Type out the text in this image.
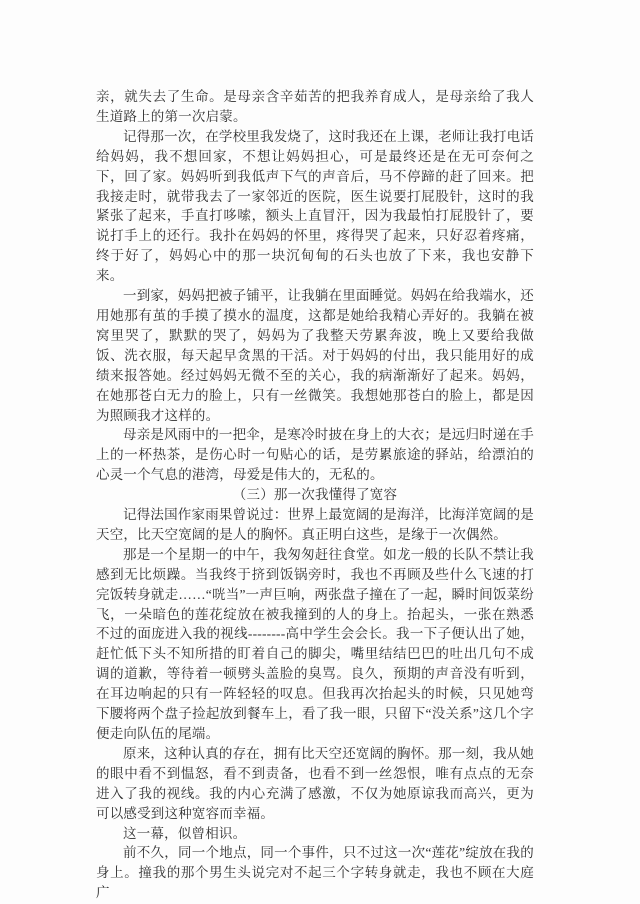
亲，就失去了生命。是母亲含辛茹苦的把我养育成人，是母亲给了我人生道路上的第一次启蒙。

记得那一次，在学校里我发烧了，这时我还在上课，老师让我打电话给妈妈，我不想回家，不想让妈妈担心，可是最终还是在无可奈何之下，回了家。妈妈听到我低声下气的声音后，马不停蹄的赶了回来。把我接走时，就带我去了一家邻近的医院，医生说要打屁股针，这时的我紧张了起来，手直打哆嗦，额头上直冒汗，因为我最怕打屁股针了，要说打手上的还行。我扑在妈妈的怀里，疼得哭了起来，只好忍着疼痛，终于好了，妈妈心中的那一块沉甸甸的石头也放了下来，我也安静下来。

一到家，妈妈把被子铺平，让我躺在里面睡觉。妈妈在给我端水，还用她那有茧的手摸了摸水的温度，这都是她给我精心弄好的。我躺在被窝里哭了，默默的哭了，妈妈为了我整天劳累奔波，晚上又要给我做饭、洗衣服，每天起早贪黑的干活。对于妈妈的付出，我只能用好的成绩来报答她。经过妈妈无微不至的关心，我的病渐渐好了起来。妈妈，在她那苍白无力的脸上，只有一丝微笑。我想她那苍白的脸上，都是因为照顾我才这样的。

母亲是风雨中的一把伞，是寒冷时披在身上的大衣；是远归时递在手上的一杯热茶，是伤心时一句贴心的话，是劳累旅途的驿站，给漂泊的心灵一个气息的港湾，母爱是伟大的，无私的。

（三）那一次我懂得了宽容

记得法国作家雨果曾说过：世界上最宽阔的是海洋，比海洋宽阔的是天空，比天空宽阔的是人的胸怀。真正明白这些，是缘于一次偶然。

那是一个星期一的中午，我匆匆赶往食堂。如龙一般的长队不禁让我感到无比烦躁。当我终于挤到饭锅旁时，我也不再顾及些什么飞速的打完饭转身就走……“咣当”一声巨响，两张盘子撞在了一起，瞬时间饭菜纷飞，一朵暗色的莲花绽放在被我撞到的人的身上。抬起头，一张在熟悉不过的面庞进入我的视线--------高中学生会会长。我一下子便认出了她，赶忙低下头不知所措的盯着自己的脚尖，嘴里结结巴巴的吐出几句不成调的道歉，等待着一顿劈头盖脸的臭骂。良久，预期的声音没有听到，在耳边响起的只有一阵轻轻的叹息。但我再次抬起头的时候，只见她弯下腰将两个盘子捡起放到餐车上，看了我一眼，只留下“没关系”这几个字便走向队伍的尾端。

原来，这种认真的存在，拥有比天空还宽阔的胸怀。那一刻，我从她的眼中看不到愠怒，看不到责备，也看不到一丝怨恨，唯有点点的无奈进入了我的视线。我的内心充满了感激，不仅为她原谅我而高兴，更为可以感受到这种宽容而幸福。

这一幕，似曾相识。

前不久，同一个地点，同一个事件，只不过这一次“莲花”绽放在我的身上。撞我的那个男生头说完对不起三个字转身就走，我也不顾在大庭广
